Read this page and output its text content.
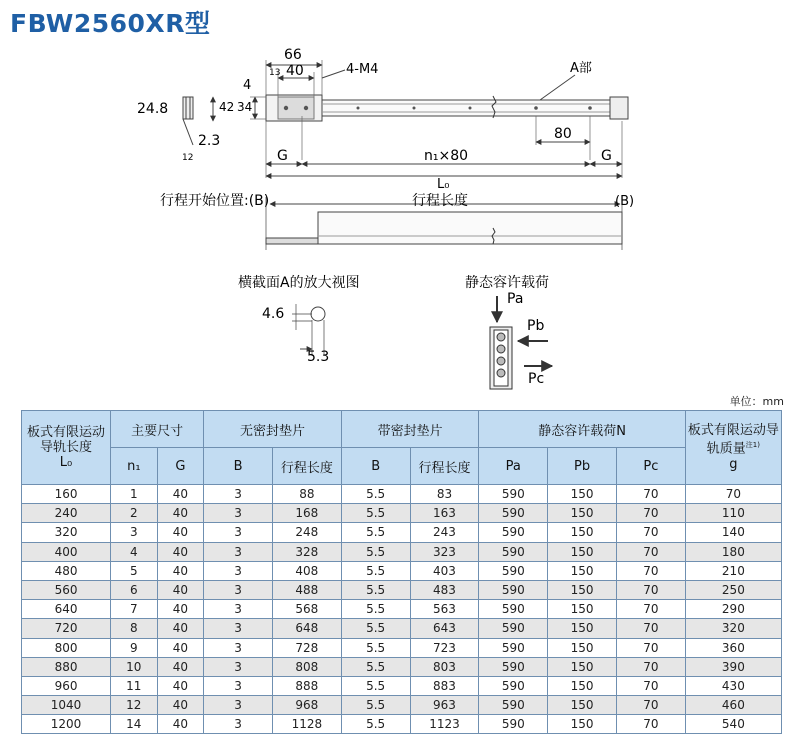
FBW2560XR型
66
40
13
4
4-M4	A部
24.8	42 34
2.3
12
80
G	n₁×80	G
L₀
行程开始位置:(B)	行程长度	(B)
横截面A的放大视图
4.6
5.3
静态容许载荷
Pa
Pb
Pc
单位：mm
板式有限运动导轨长度
L₀	主要尺寸		无密封垫片		带密封垫片		静态容许载荷N			板式有限运动导轨质量$^{注1)}$
g
	n₁	G	B	行程长度	B	行程长度	Pa	Pb	Pc	
160	1	40	3	88	5.5	83	590	150	70	70
240	2	40	3	168	5.5	163	590	150	70	110
320	3	40	3	248	5.5	243	590	150	70	140
400	4	40	3	328	5.5	323	590	150	70	180
480	5	40	3	408	5.5	403	590	150	70	210
560	6	40	3	488	5.5	483	590	150	70	250
640	7	40	3	568	5.5	563	590	150	70	290
720	8	40	3	648	5.5	643	590	150	70	320
800	9	40	3	728	5.5	723	590	150	70	360
880	10	40	3	808	5.5	803	590	150	70	390
960	11	40	3	888	5.5	883	590	150	70	430
1040	12	40	3	968	5.5	963	590	150	70	460
1200	14	40	3	1128	5.5	1123	590	150	70	540
